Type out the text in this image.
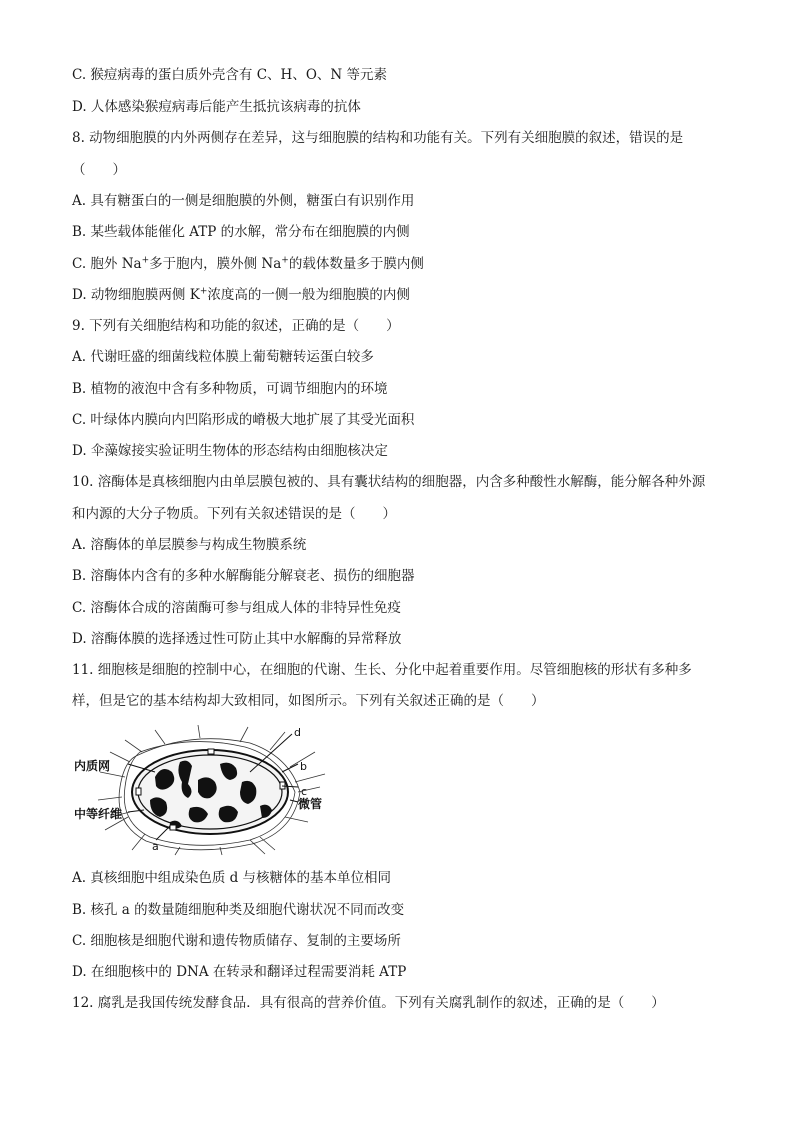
C. 猴痘病毒的蛋白质外壳含有 C、H、O、N 等元素
D. 人体感染猴痘病毒后能产生抵抗该病毒的抗体
8. 动物细胞膜的内外两侧存在差异，这与细胞膜的结构和功能有关。下列有关细胞膜的叙述，错误的是
（　　）
A. 具有糖蛋白的一侧是细胞膜的外侧，糖蛋白有识别作用
B. 某些载体能催化 ATP 的水解，常分布在细胞膜的内侧
C. 胞外 Na+多于胞内，膜外侧 Na+的载体数量多于膜内侧
D. 动物细胞膜两侧 K+浓度高的一侧一般为细胞膜的内侧
9. 下列有关细胞结构和功能的叙述，正确的是（　　）
A. 代谢旺盛的细菌线粒体膜上葡萄糖转运蛋白较多
B. 植物的液泡中含有多种物质，可调节细胞内的环境
C. 叶绿体内膜向内凹陷形成的嵴极大地扩展了其受光面积
D. 伞藻嫁接实验证明生物体的形态结构由细胞核决定
10. 溶酶体是真核细胞内由单层膜包被的、具有囊状结构的细胞器，内含多种酸性水解酶，能分解各种外源
和内源的大分子物质。下列有关叙述错误的是（　　）
A. 溶酶体的单层膜参与构成生物膜系统
B. 溶酶体内含有的多种水解酶能分解衰老、损伤的细胞器
C. 溶酶体合成的溶菌酶可参与组成人体的非特异性免疫
D. 溶酶体膜的选择透过性可防止其中水解酶的异常释放
11. 细胞核是细胞的控制中心，在细胞的代谢、生长、分化中起着重要作用。尽管细胞核的形状有多种多
样，但是它的基本结构却大致相同，如图所示。下列有关叙述正确的是（　　）
内质网
中等纤维
微管
a
b
c
d
A. 真核细胞中组成染色质 d 与核糖体的基本单位相同
B. 核孔 a 的数量随细胞种类及细胞代谢状况不同而改变
C. 细胞核是细胞代谢和遗传物质储存、复制的主要场所
D. 在细胞核中的 DNA 在转录和翻译过程需要消耗 ATP
12. 腐乳是我国传统发酵食品．具有很高的营养价值。下列有关腐乳制作的叙述，正确的是（　　）
